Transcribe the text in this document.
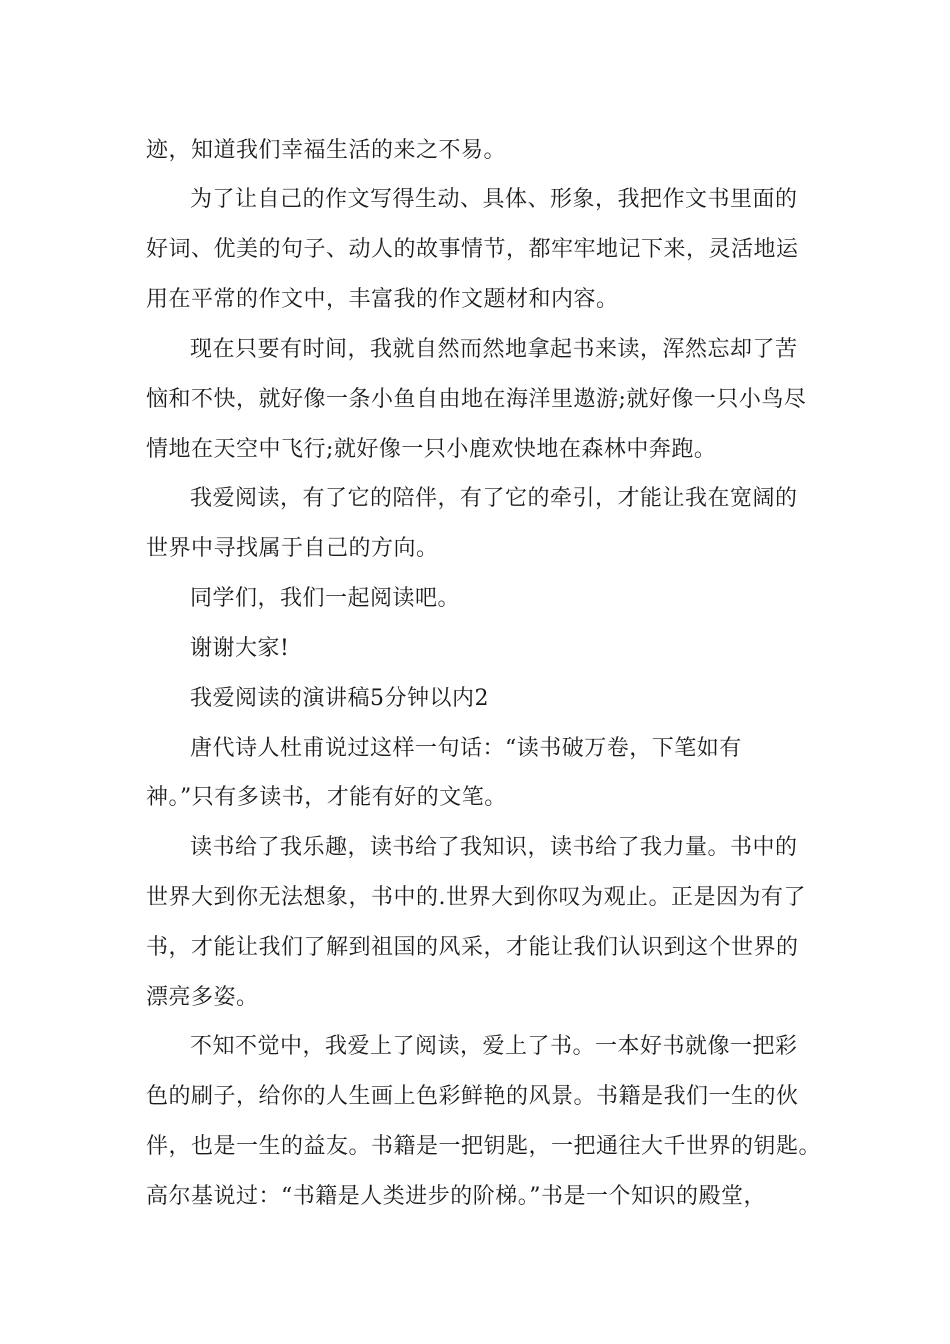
迹，知道我们幸福生活的来之不易。
为了让自己的作文写得生动、具体、形象，我把作文书里面的
好词、优美的句子、动人的故事情节，都牢牢地记下来，灵活地运
用在平常的作文中，丰富我的作文题材和内容。
现在只要有时间，我就自然而然地拿起书来读，浑然忘却了苦
恼和不快，就好像一条小鱼自由地在海洋里遨游;就好像一只小鸟尽
情地在天空中飞行;就好像一只小鹿欢快地在森林中奔跑。
我爱阅读，有了它的陪伴，有了它的牵引，才能让我在宽阔的
世界中寻找属于自己的方向。
同学们，我们一起阅读吧。
谢谢大家!
我爱阅读的演讲稿5分钟以内2
唐代诗人杜甫说过这样一句话：“读书破万卷，下笔如有
神。”只有多读书，才能有好的文笔。
读书给了我乐趣，读书给了我知识，读书给了我力量。书中的
世界大到你无法想象，书中的.世界大到你叹为观止。正是因为有了
书，才能让我们了解到祖国的风采，才能让我们认识到这个世界的
漂亮多姿。
不知不觉中，我爱上了阅读，爱上了书。一本好书就像一把彩
色的刷子，给你的人生画上色彩鲜艳的风景。书籍是我们一生的伙
伴，也是一生的益友。书籍是一把钥匙，一把通往大千世界的钥匙。
高尔基说过：“书籍是人类进步的阶梯。”书是一个知识的殿堂，
